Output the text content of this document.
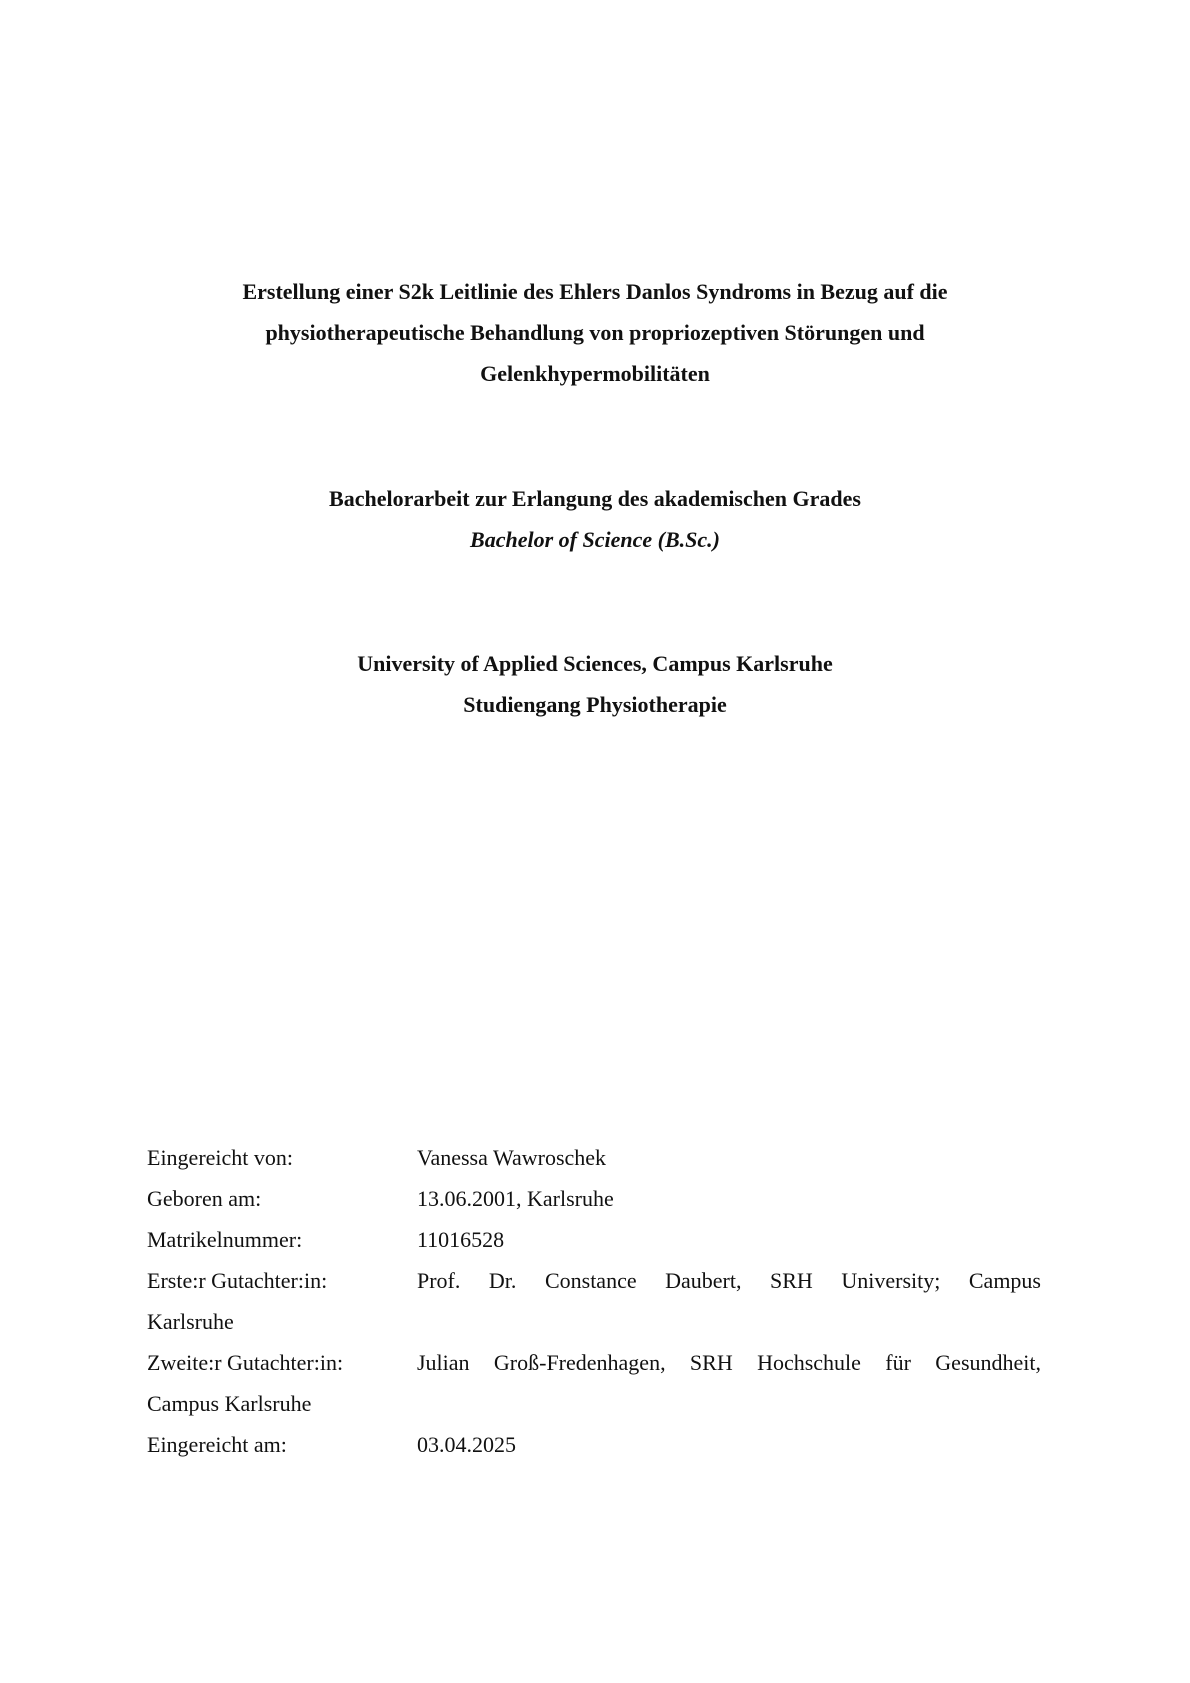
Erstellung einer S2k Leitlinie des Ehlers Danlos Syndroms in Bezug auf die
physiotherapeutische Behandlung von propriozeptiven Störungen und
Gelenkhypermobilitäten
Bachelorarbeit zur Erlangung des akademischen Grades
Bachelor of Science (B.Sc.)
University of Applied Sciences, Campus Karlsruhe
Studiengang Physiotherapie
Eingereicht von:	Vanessa Wawroschek
Geboren am:	13.06.2001, Karlsruhe
Matrikelnummer:	11016528
Erste:r Gutachter:in:	Prof. Dr. Constance Daubert, SRH University; Campus
Karlsruhe
Zweite:r Gutachter:in:	Julian Groß-Fredenhagen, SRH Hochschule für Gesundheit,
Campus Karlsruhe
Eingereicht am:	03.04.2025
